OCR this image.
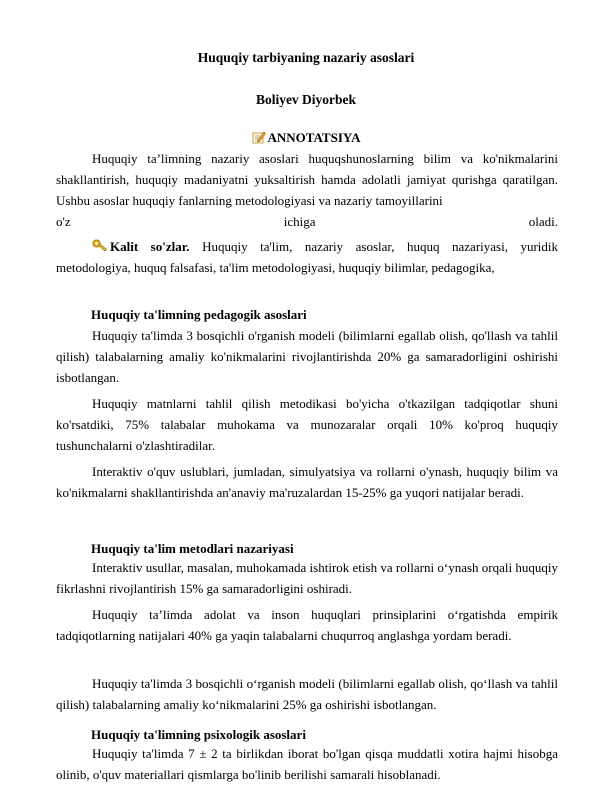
Huquqiy tarbiyaning nazariy asoslari
Boliyev Diyorbek
ANNOTATSIYA
Huquqiy ta’limning nazariy asoslari huquqshunoslarning bilim va ko'nikmalarini shakllantirish, huquqiy madaniyatni yuksaltirish hamda adolatli jamiyat qurishga qaratilgan. Ushbu asoslar huquqiy fanlarning metodologiyasi va nazariy tamoyillarini
o'z ichiga oladi.
Kalit so'zlar. Huquqiy ta'lim, nazariy asoslar, huquq nazariyasi, yuridik metodologiya, huquq falsafasi, ta'lim metodologiyasi, huquqiy bilimlar, pedagogika,
Huquqiy ta'limning pedagogik asoslari
Huquqiy ta'limda 3 bosqichli o'rganish modeli (bilimlarni egallab olish, qo'llash va tahlil qilish) talabalarning amaliy ko'nikmalarini rivojlantirishda 20% ga samaradorligini oshirishi isbotlangan.
Huquqiy matnlarni tahlil qilish metodikasi bo'yicha o'tkazilgan tadqiqotlar shuni ko'rsatdiki, 75% talabalar muhokama va munozaralar orqali 10% ko'proq huquqiy tushunchalarni o'zlashtiradilar.
Interaktiv o'quv uslublari, jumladan, simulyatsiya va rollarni o'ynash, huquqiy bilim va ko'nikmalarni shakllantirishda an'anaviy ma'ruzalardan 15-25% ga yuqori natijalar beradi.
Huquqiy ta'lim metodlari nazariyasi
Interaktiv usullar, masalan, muhokamada ishtirok etish va rollarni o‘ynash orqali huquqiy fikrlashni rivojlantirish 15% ga samaradorligini oshiradi.
Huquqiy ta’limda adolat va inson huquqlari prinsiplarini o‘rgatishda empirik tadqiqotlarning natijalari 40% ga yaqin talabalarni chuqurroq anglashga yordam beradi.
Huquqiy ta'limda 3 bosqichli o‘rganish modeli (bilimlarni egallab olish, qo‘llash va tahlil qilish) talabalarning amaliy ko‘nikmalarini 25% ga oshirishi isbotlangan.
Huquqiy ta'limning psixologik asoslari
Huquqiy ta'limda 7 ± 2 ta birlikdan iborat bo'lgan qisqa muddatli xotira hajmi hisobga olinib, o'quv materiallari qismlarga bo'linib berilishi samarali hisoblanadi.
